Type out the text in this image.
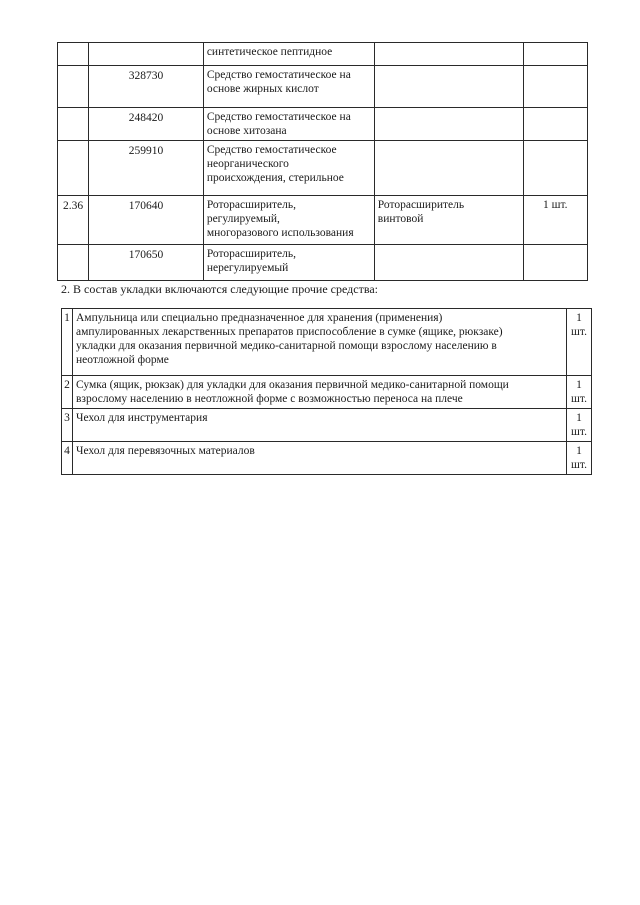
		синтетическое пептидное		

	328730	Средство гемостатическое на
основе жирных кислот		

	248420	Средство гемостатическое на
основе хитозана		

	259910	Средство гемостатическое
неорганического
происхождения, стерильное		

2.36	170640	Роторасширитель,
регулируемый,
многоразового использования	Роторасширитель
винтовой	1 шт.
	170650	Роторасширитель,
нерегулируемый		

2. В состав укладки включаются следующие прочие средства:
1	Ампульница или специально предназначенное для хранения (применения)
ампулированных лекарственных препаратов приспособление в сумке (ящике, рюкзаке)
укладки для оказания первичной медико-санитарной помощи взрослому населению в
неотложной форме	1
шт.

2	Сумка (ящик, рюкзак) для укладки для оказания первичной медико-санитарной помощи
взрослому населению в неотложной форме с возможностью переноса на плече	1
шт.

3	Чехол для инструментария	1
шт.

4	Чехол для перевязочных материалов	1
шт.
